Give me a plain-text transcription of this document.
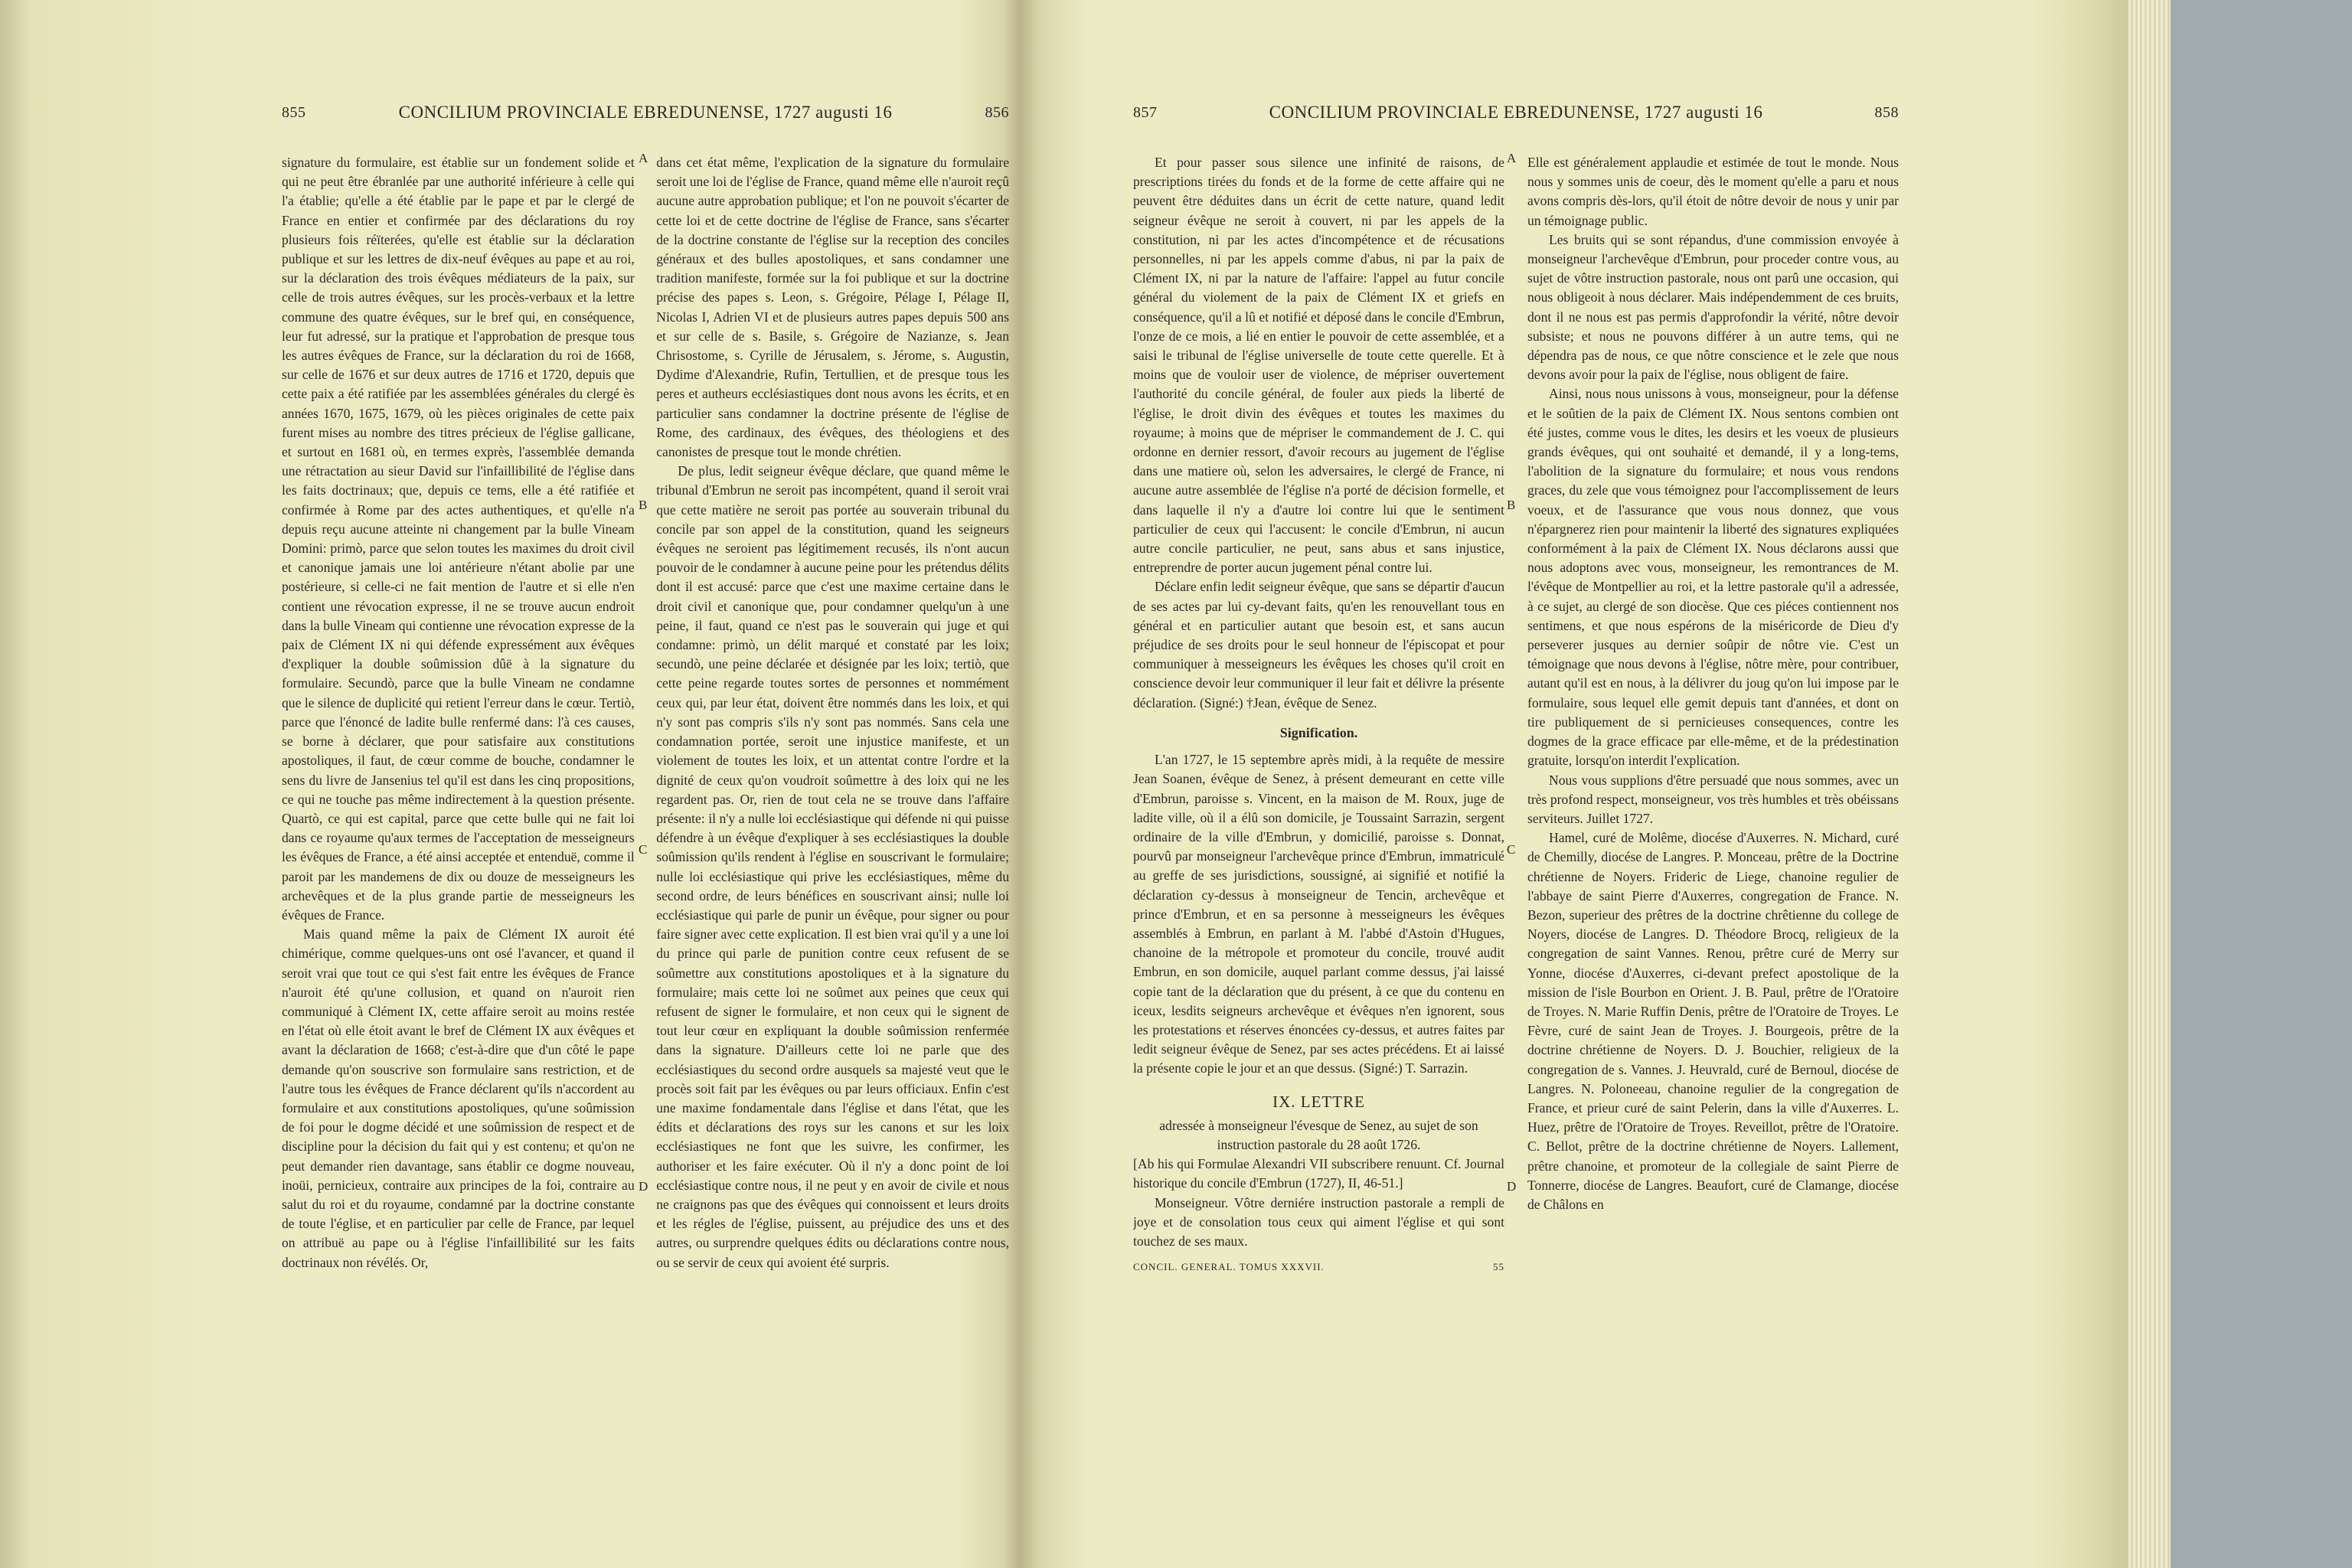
855	CONCILIUM PROVINCIALE EBREDUNENSE, 1727 augusti 16	856

signature du formulaire, est établie sur un fondement solide et qui ne peut être ébranlée par une authorité inférieure à celle qui l'a établie; qu'elle a été établie par le pape et par le clergé de France en entier et confirmée par des déclarations du roy plusieurs fois réïterées, qu'elle est établie sur la déclaration publique et sur les lettres de dix-neuf évêques au pape et au roi, sur la déclaration des trois évêques médiateurs de la paix, sur celle de trois autres évêques, sur les procès-verbaux et la lettre commune des quatre évêques, sur le bref qui, en conséquence, leur fut adressé, sur la pratique et l'approbation de presque tous les autres évêques de France, sur la déclaration du roi de 1668, sur celle de 1676 et sur deux autres de 1716 et 1720, depuis que cette paix a été ratifiée par les assemblées générales du clergé ès années 1670, 1675, 1679, où les pièces originales de cette paix furent mises au nombre des titres précieux de l'église gallicane, et surtout en 1681 où, en termes exprès, l'assemblée demanda une rétractation au sieur David sur l'infaillibilité de l'église dans les faits doctrinaux; que, depuis ce tems, elle a été ratifiée et confirmée à Rome par des actes authentiques, et qu'elle n'a depuis reçu aucune atteinte ni changement par la bulle Vineam Domini: primò, parce que selon toutes les maximes du droit civil et canonique jamais une loi antérieure n'étant abolie par une postérieure, si celle-ci ne fait mention de l'autre et si elle n'en contient une révocation expresse, il ne se trouve aucun endroit dans la bulle Vineam qui contienne une révocation expresse de la paix de Clément IX ni qui défende expressément aux évêques d'expliquer la double soûmission dûë à la signature du formulaire. Secundò, parce que la bulle Vineam ne condamne que le silence de duplicité qui retient l'erreur dans le cœur. Tertiò, parce que l'énoncé de ladite bulle renfermé dans: l'à ces causes, se borne à déclarer, que pour satisfaire aux constitutions apostoliques, il faut, de cœur comme de bouche, condamner le sens du livre de Jansenius tel qu'il est dans les cinq propositions, ce qui ne touche pas même indirectement à la question présente. Quartò, ce qui est capital, parce que cette bulle qui ne fait loi dans ce royaume qu'aux termes de l'acceptation de messeigneurs les évêques de France, a été ainsi acceptée et entenduë, comme il paroit par les mandemens de dix ou douze de messeigneurs les archevêques et de la plus grande partie de messeigneurs les évêques de France.

Mais quand même la paix de Clément IX auroit été chimérique, comme quelques-uns ont osé l'avancer, et quand il seroit vrai que tout ce qui s'est fait entre les évêques de France n'auroit été qu'une collusion, et quand on n'auroit rien communiqué à Clément IX, cette affaire seroit au moins restée en l'état où elle étoit avant le bref de Clément IX aux évêques et avant la déclaration de 1668; c'est-à-dire que d'un côté le pape demande qu'on souscrive son formulaire sans restriction, et de l'autre tous les évêques de France déclarent qu'ils n'accordent au formulaire et aux constitutions apostoliques, qu'une soûmission de foi pour le dogme décidé et une soûmission de respect et de discipline pour la décision du fait qui y est contenu; et qu'on ne peut demander rien davantage, sans établir ce dogme nouveau, inoüi, pernicieux, contraire aux principes de la foi, contraire au salut du roi et du royaume, condamné par la doctrine constante de toute l'église, et en particulier par celle de France, par lequel on attribuë au pape ou à l'église l'infaillibilité sur les faits doctrinaux non révélés. Or,

dans cet état même, l'explication de la signature du formulaire seroit une loi de l'église de France, quand même elle n'auroit reçû aucune autre approbation publique; et l'on ne pouvoit s'écarter de cette loi et de cette doctrine de l'église de France, sans s'écarter de la doctrine constante de l'église sur la reception des conciles généraux et des bulles apostoliques, et sans condamner une tradition manifeste, formée sur la foi publique et sur la doctrine précise des papes s. Leon, s. Grégoire, Pélage I, Pélage II, Nicolas I, Adrien VI et de plusieurs autres papes depuis 500 ans et sur celle de s. Basile, s. Grégoire de Nazianze, s. Jean Chrisostome, s. Cyrille de Jérusalem, s. Jérome, s. Augustin, Dydime d'Alexandrie, Rufin, Tertullien, et de presque tous les peres et autheurs ecclésiastiques dont nous avons les écrits, et en particulier sans condamner la doctrine présente de l'église de Rome, des cardinaux, des évêques, des théologiens et des canonistes de presque tout le monde chrétien.

De plus, ledit seigneur évêque déclare, que quand même le tribunal d'Embrun ne seroit pas incompétent, quand il seroit vrai que cette matière ne seroit pas portée au souverain tribunal du concile par son appel de la constitution, quand les seigneurs évêques ne seroient pas légitimement recusés, ils n'ont aucun pouvoir de le condamner à aucune peine pour les prétendus délits dont il est accusé: parce que c'est une maxime certaine dans le droit civil et canonique que, pour condamner quelqu'un à une peine, il faut, quand ce n'est pas le souverain qui juge et qui condamne: primò, un délit marqué et constaté par les loix; secundò, une peine déclarée et désignée par les loix; tertiò, que cette peine regarde toutes sortes de personnes et nommément ceux qui, par leur état, doivent être nommés dans les loix, et qui n'y sont pas compris s'ils n'y sont pas nommés. Sans cela une condamnation portée, seroit une injustice manifeste, et un violement de toutes les loix, et un attentat contre l'ordre et la dignité de ceux qu'on voudroit soûmettre à des loix qui ne les regardent pas. Or, rien de tout cela ne se trouve dans l'affaire présente: il n'y a nulle loi ecclésiastique qui défende ni qui puisse défendre à un évêque d'expliquer à ses ecclésiastiques la double soûmission qu'ils rendent à l'église en souscrivant le formulaire; nulle loi ecclésiastique qui prive les ecclésiastiques, même du second ordre, de leurs bénéfices en souscrivant ainsi; nulle loi ecclésiastique qui parle de punir un évêque, pour signer ou pour faire signer avec cette explication. Il est bien vrai qu'il y a une loi du prince qui parle de punition contre ceux refusent de se soûmettre aux constitutions apostoliques et à la signature du formulaire; mais cette loi ne soûmet aux peines que ceux qui refusent de signer le formulaire, et non ceux qui le signent de tout leur cœur en expliquant la double soûmission renfermée dans la signature. D'ailleurs cette loi ne parle que des ecclésiastiques du second ordre ausquels sa majesté veut que le procès soit fait par les évêques ou par leurs officiaux. Enfin c'est une maxime fondamentale dans l'église et dans l'état, que les édits et déclarations des roys sur les canons et sur les loix ecclésiastiques ne font que les suivre, les confirmer, les authoriser et les faire exécuter. Où il n'y a donc point de loi ecclésiastique contre nous, il ne peut y en avoir de civile et nous ne craignons pas que des évêques qui connoissent et leurs droits et les régles de l'église, puissent, au préjudice des uns et des autres, ou surprendre quelques édits ou déclarations contre nous, ou se servir de ceux qui avoient été surpris.

A
B
C
D
857	CONCILIUM PROVINCIALE EBREDUNENSE, 1727 augusti 16	858

Et pour passer sous silence une infinité de raisons, de prescriptions tirées du fonds et de la forme de cette affaire qui ne peuvent être déduites dans un écrit de cette nature, quand ledit seigneur évêque ne seroit à couvert, ni par les appels de la constitution, ni par les actes d'incompétence et de récusations personnelles, ni par les appels comme d'abus, ni par la paix de Clément IX, ni par la nature de l'affaire: l'appel au futur concile général du violement de la paix de Clément IX et griefs en conséquence, qu'il a lû et notifié et déposé dans le concile d'Embrun, l'onze de ce mois, a lié en entier le pouvoir de cette assemblée, et a saisi le tribunal de l'église universelle de toute cette querelle. Et à moins que de vouloir user de violence, de mépriser ouvertement l'authorité du concile général, de fouler aux pieds la liberté de l'église, le droit divin des évêques et toutes les maximes du royaume; à moins que de mépriser le commandement de J. C. qui ordonne en dernier ressort, d'avoir recours au jugement de l'église dans une matiere où, selon les adversaires, le clergé de France, ni aucune autre assemblée de l'église n'a porté de décision formelle, et dans laquelle il n'y a d'autre loi contre lui que le sentiment particulier de ceux qui l'accusent: le concile d'Embrun, ni aucun autre concile particulier, ne peut, sans abus et sans injustice, entreprendre de porter aucun jugement pénal contre lui.

Déclare enfin ledit seigneur évêque, que sans se départir d'aucun de ses actes par lui cy-devant faits, qu'en les renouvellant tous en général et en particulier autant que besoin est, et sans aucun préjudice de ses droits pour le seul honneur de l'épiscopat et pour communiquer à messeigneurs les évêques les choses qu'il croit en conscience devoir leur communiquer il leur fait et délivre la présente déclaration. (Signé:) †Jean, évêque de Senez.

Signification.

L'an 1727, le 15 septembre après midi, à la requête de messire Jean Soanen, évêque de Senez, à présent demeurant en cette ville d'Embrun, paroisse s. Vincent, en la maison de M. Roux, juge de ladite ville, où il a élû son domicile, je Toussaint Sarrazin, sergent ordinaire de la ville d'Embrun, y domicilié, paroisse s. Donnat, pourvû par monseigneur l'archevêque prince d'Embrun, immatriculé au greffe de ses jurisdictions, soussigné, ai signifié et notifié la déclaration cy-dessus à monseigneur de Tencin, archevêque et prince d'Embrun, et en sa personne à messeigneurs les évêques assemblés à Embrun, en parlant à M. l'abbé d'Astoin d'Hugues, chanoine de la métropole et promoteur du concile, trouvé audit Embrun, en son domicile, auquel parlant comme dessus, j'ai laissé copie tant de la déclaration que du présent, à ce que du contenu en iceux, lesdits seigneurs archevêque et évêques n'en ignorent, sous les protestations et réserves énoncées cy-dessus, et autres faites par ledit seigneur évêque de Senez, par ses actes précédens. Et ai laissé la présente copie le jour et an que dessus. (Signé:) T. Sarrazin.

IX. LETTRE

adressée à monseigneur l'évesque de Senez, au sujet de son instruction pastorale du 28 août 1726.

[Ab his qui Formulae Alexandri VII subscribere renuunt. Cf. Journal historique du concile d'Embrun (1727), II, 46-51.]

Monseigneur. Vôtre derniére instruction pastorale a rempli de joye et de consolation tous ceux qui aiment l'église et qui sont touchez de ses maux.

55
CONCIL. GENERAL. TOMUS XXXVII.

Elle est généralement applaudie et estimée de tout le monde. Nous nous y sommes unis de coeur, dès le moment qu'elle a paru et nous avons compris dès-lors, qu'il étoit de nôtre devoir de nous y unir par un témoignage public.

Les bruits qui se sont répandus, d'une commission envoyée à monseigneur l'archevêque d'Embrun, pour proceder contre vous, au sujet de vôtre instruction pastorale, nous ont parû une occasion, qui nous obligeoit à nous déclarer. Mais indépendemment de ces bruits, dont il ne nous est pas permis d'approfondir la vérité, nôtre devoir subsiste; et nous ne pouvons différer à un autre tems, qui ne dépendra pas de nous, ce que nôtre conscience et le zele que nous devons avoir pour la paix de l'église, nous obligent de faire.

Ainsi, nous nous unissons à vous, monseigneur, pour la défense et le soûtien de la paix de Clément IX. Nous sentons combien ont été justes, comme vous le dites, les desirs et les voeux de plusieurs grands évêques, qui ont souhaité et demandé, il y a long-tems, l'abolition de la signature du formulaire; et nous vous rendons graces, du zele que vous témoignez pour l'accomplissement de leurs voeux, et de l'assurance que vous nous donnez, que vous n'épargnerez rien pour maintenir la liberté des signatures expliquées conformément à la paix de Clément IX. Nous déclarons aussi que nous adoptons avec vous, monseigneur, les remontrances de M. l'évêque de Montpellier au roi, et la lettre pastorale qu'il a adressée, à ce sujet, au clergé de son diocèse. Que ces piéces contiennent nos sentimens, et que nous espérons de la miséricorde de Dieu d'y perseverer jusques au dernier soûpir de nôtre vie. C'est un témoignage que nous devons à l'église, nôtre mère, pour contribuer, autant qu'il est en nous, à la délivrer du joug qu'on lui impose par le formulaire, sous lequel elle gemit depuis tant d'années, et dont on tire publiquement de si pernicieuses consequences, contre les dogmes de la grace efficace par elle-même, et de la prédestination gratuite, lorsqu'on interdit l'explication.

Nous vous supplions d'être persuadé que nous sommes, avec un très profond respect, monseigneur, vos très humbles et très obéissans serviteurs. Juillet 1727.

Hamel, curé de Molême, diocése d'Auxerres. N. Michard, curé de Chemilly, diocése de Langres. P. Monceau, prêtre de la Doctrine chrétienne de Noyers. Frideric de Liege, chanoine regulier de l'abbaye de saint Pierre d'Auxerres, congregation de France. N. Bezon, superieur des prêtres de la doctrine chrêtienne du college de Noyers, diocése de Langres. D. Théodore Brocq, religieux de la congregation de saint Vannes. Renou, prêtre curé de Merry sur Yonne, diocése d'Auxerres, ci-devant prefect apostolique de la mission de l'isle Bourbon en Orient. J. B. Paul, prêtre de l'Oratoire de Troyes. N. Marie Ruffin Denis, prêtre de l'Oratoire de Troyes. Le Fèvre, curé de saint Jean de Troyes. J. Bourgeois, prêtre de la doctrine chrétienne de Noyers. D. J. Bouchier, religieux de la congregation de s. Vannes. J. Heuvrald, curé de Bernoul, diocése de Langres. N. Poloneeau, chanoine regulier de la congregation de France, et prieur curé de saint Pelerin, dans la ville d'Auxerres. L. Huez, prêtre de l'Oratoire de Troyes. Reveillot, prêtre de l'Oratoire. C. Bellot, prêtre de la doctrine chrétienne de Noyers. Lallement, prêtre chanoine, et promoteur de la collegiale de saint Pierre de Tonnerre, diocése de Langres. Beaufort, curé de Clamange, diocése de Châlons en

A
B
C
D
